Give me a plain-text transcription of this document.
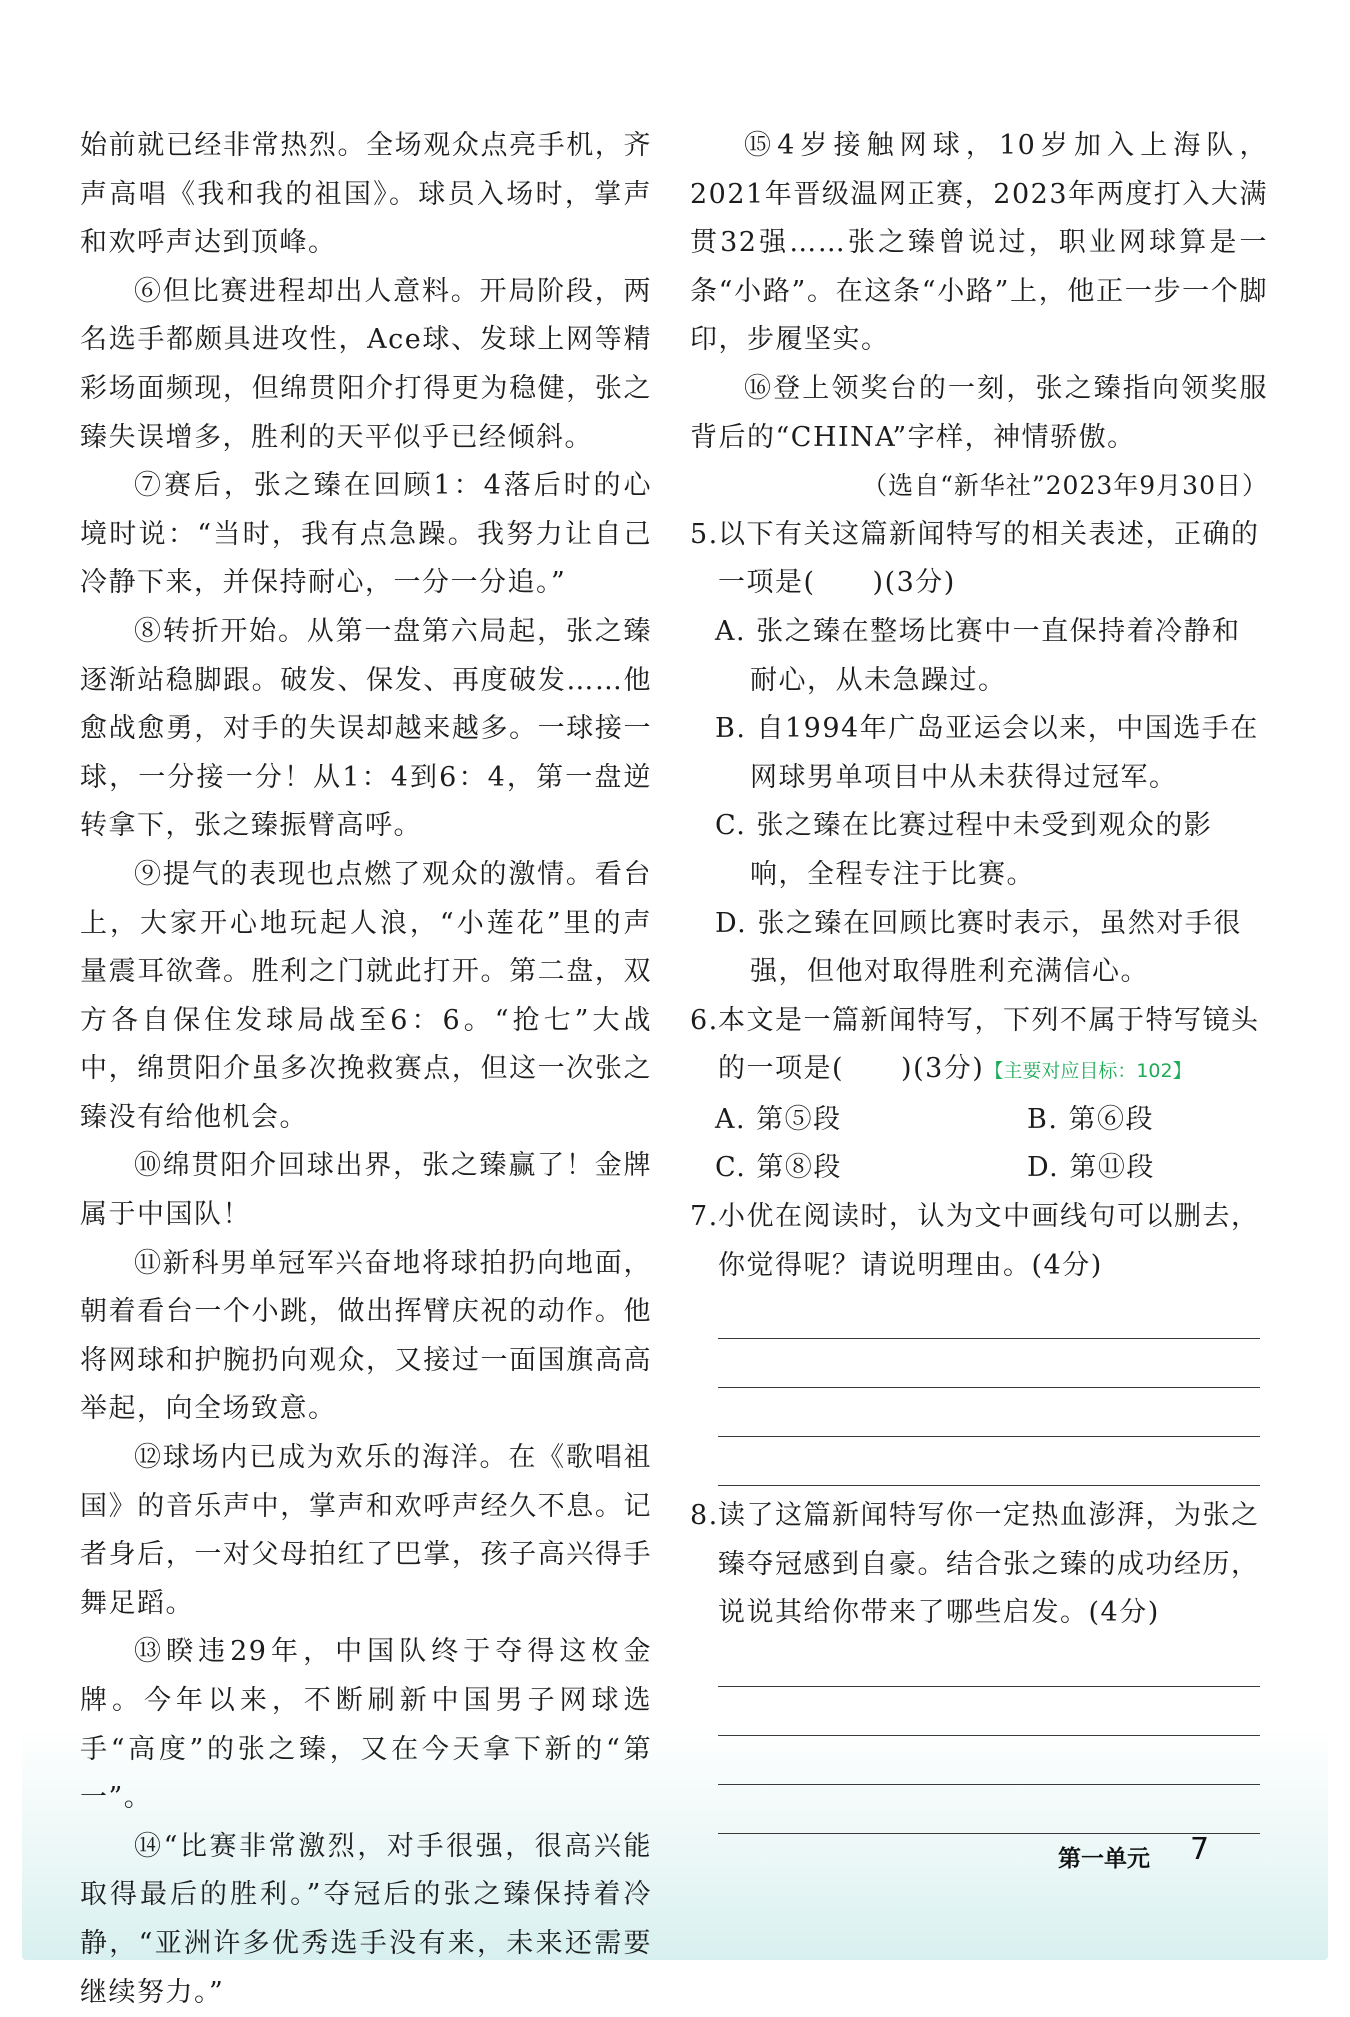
始前就已经非常热烈。全场观众点亮手机，齐声高唱《我和我的祖国》。球员入场时，掌声和欢呼声达到顶峰。

⑥但比赛进程却出人意料。开局阶段，两名选手都颇具进攻性，Ace球、发球上网等精彩场面频现，但绵贯阳介打得更为稳健，张之臻失误增多，胜利的天平似乎已经倾斜。

⑦赛后，张之臻在回顾1：4落后时的心境时说：“当时，我有点急躁。我努力让自己冷静下来，并保持耐心，一分一分追。”

⑧转折开始。从第一盘第六局起，张之臻逐渐站稳脚跟。破发、保发、再度破发……他愈战愈勇，对手的失误却越来越多。一球接一球，一分接一分！从1：4到6：4，第一盘逆转拿下，张之臻振臂高呼。

⑨提气的表现也点燃了观众的激情。看台上，大家开心地玩起人浪，“小莲花”里的声量震耳欲聋。胜利之门就此打开。第二盘，双方各自保住发球局战至6：6。“抢七”大战中，绵贯阳介虽多次挽救赛点，但这一次张之臻没有给他机会。

⑩绵贯阳介回球出界，张之臻赢了！金牌属于中国队！

⑪新科男单冠军兴奋地将球拍扔向地面，朝着看台一个小跳，做出挥臂庆祝的动作。他将网球和护腕扔向观众，又接过一面国旗高高举起，向全场致意。

⑫球场内已成为欢乐的海洋。在《歌唱祖国》的音乐声中，掌声和欢呼声经久不息。记者身后，一对父母拍红了巴掌，孩子高兴得手舞足蹈。

⑬睽违29年，中国队终于夺得这枚金牌。今年以来，不断刷新中国男子网球选手“高度”的张之臻，又在今天拿下新的“第一”。

⑭“比赛非常激烈，对手很强，很高兴能取得最后的胜利。”夺冠后的张之臻保持着冷静，“亚洲许多优秀选手没有来，未来还需要继续努力。”

⑮4岁接触网球，10岁加入上海队，2021年晋级温网正赛，2023年两度打入大满贯32强……张之臻曾说过，职业网球算是一条“小路”。在这条“小路”上，他正一步一个脚印，步履坚实。

⑯登上领奖台的一刻，张之臻指向领奖服背后的“CHINA”字样，神情骄傲。

（选自“新华社”2023年9月30日）

5. 以下有关这篇新闻特写的相关表述，正确的一项是(　　)(3分)

A. 张之臻在整场比赛中一直保持着冷静和耐心，从未急躁过。

B. 自1994年广岛亚运会以来，中国选手在网球男单项目中从未获得过冠军。

C. 张之臻在比赛过程中未受到观众的影响，全程专注于比赛。

D. 张之臻在回顾比赛时表示，虽然对手很强，但他对取得胜利充满信心。

6. 本文是一篇新闻特写，下列不属于特写镜头的一项是(　　)(3分)【主要对应目标：102】

A. 第⑤段	B. 第⑥段
C. 第⑧段	D. 第⑪段

7. 小优在阅读时，认为文中画线句可以删去，你觉得呢？请说明理由。(4分)

8. 读了这篇新闻特写你一定热血澎湃，为张之臻夺冠感到自豪。结合张之臻的成功经历，说说其给你带来了哪些启发。(4分)

第一单元 7
